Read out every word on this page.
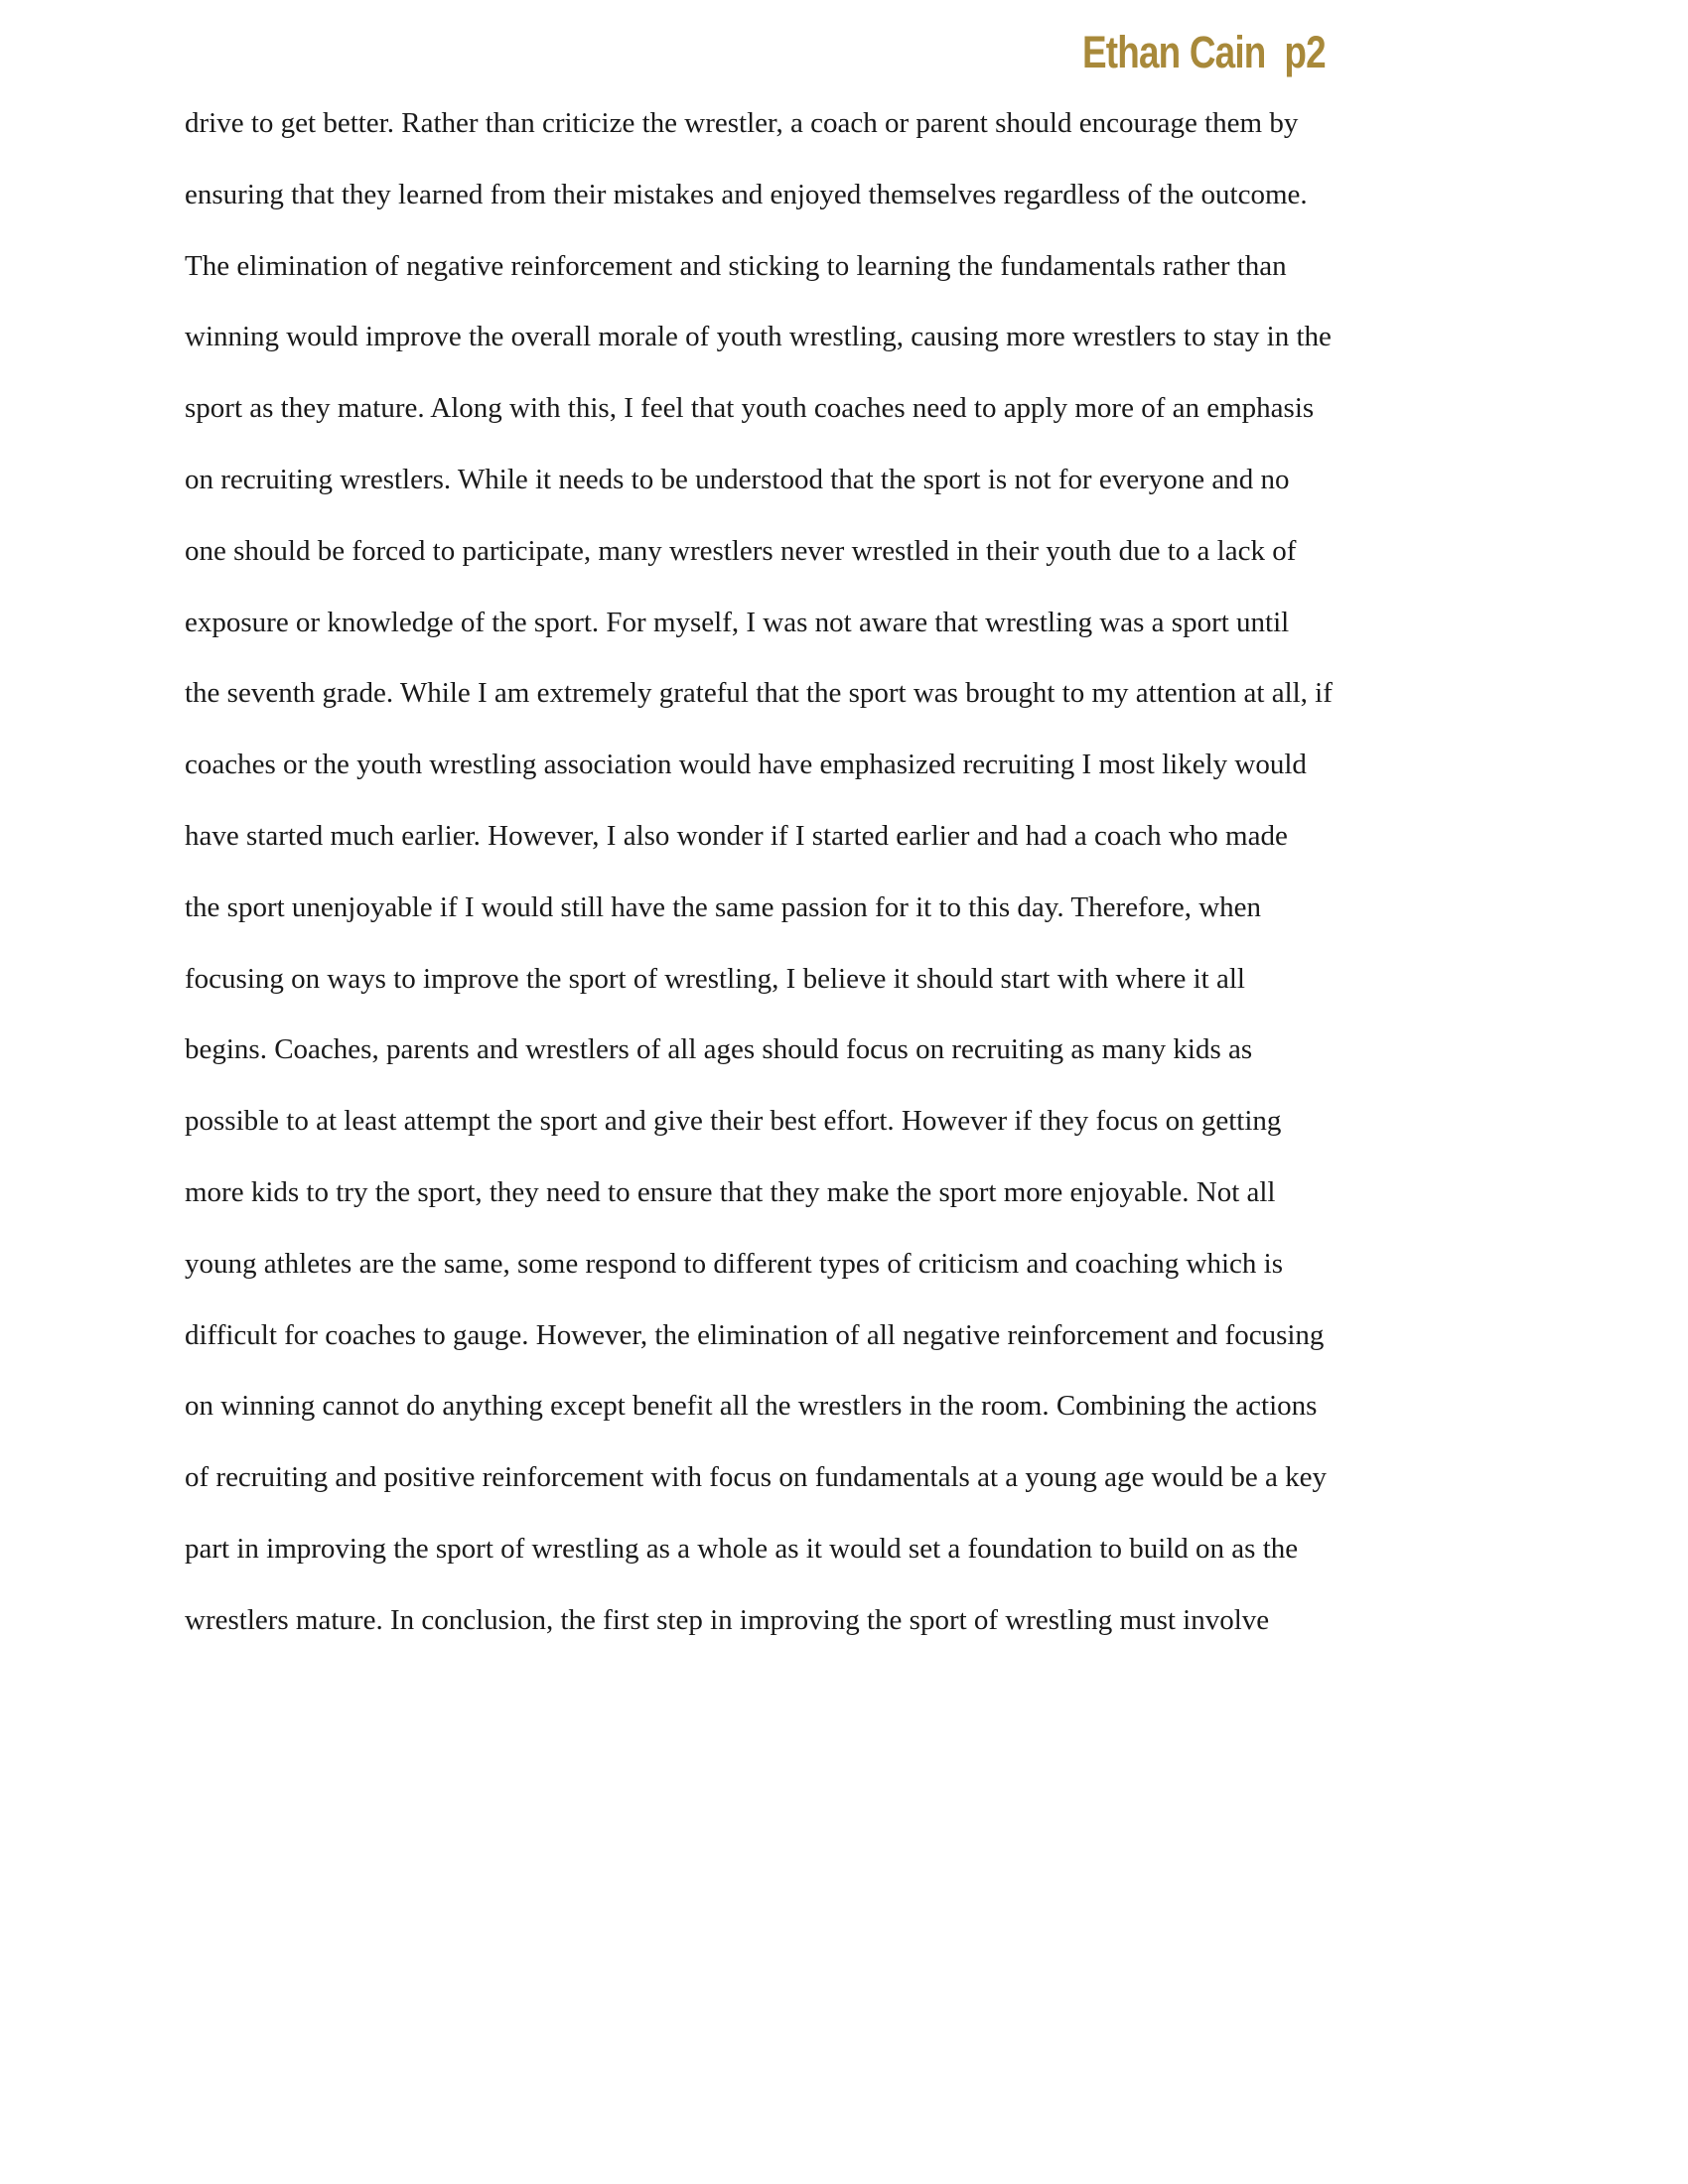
Ethan Cain  p2
drive to get better. Rather than criticize the wrestler, a coach or parent should encourage them by
ensuring that they learned from their mistakes and enjoyed themselves regardless of the outcome.
The elimination of negative reinforcement and sticking to learning the fundamentals rather than
winning would improve the overall morale of youth wrestling, causing more wrestlers to stay in the
sport as they mature. Along with this, I feel that youth coaches need to apply more of an emphasis
on recruiting wrestlers. While it needs to be understood that the sport is not for everyone and no
one should be forced to participate, many wrestlers never wrestled in their youth due to a lack of
exposure or knowledge of the sport. For myself, I was not aware that wrestling was a sport until
the seventh grade. While I am extremely grateful that the sport was brought to my attention at all, if
coaches or the youth wrestling association would have emphasized recruiting I most likely would
have started much earlier. However, I also wonder if I started earlier and had a coach who made
the sport unenjoyable if I would still have the same passion for it to this day. Therefore, when
focusing on ways to improve the sport of wrestling, I believe it should start with where it all
begins. Coaches, parents and wrestlers of all ages should focus on recruiting as many kids as
possible to at least attempt the sport and give their best effort. However if they focus on getting
more kids to try the sport, they need to ensure that they make the sport more enjoyable. Not all
young athletes are the same, some respond to different types of criticism and coaching which is
difficult for coaches to gauge. However, the elimination of all negative reinforcement and focusing
on winning cannot do anything except benefit all the wrestlers in the room. Combining the actions
of recruiting and positive reinforcement with focus on fundamentals at a young age would be a key
part in improving the sport of wrestling as a whole as it would set a foundation to build on as the
wrestlers mature. In conclusion, the first step in improving the sport of wrestling must involve
